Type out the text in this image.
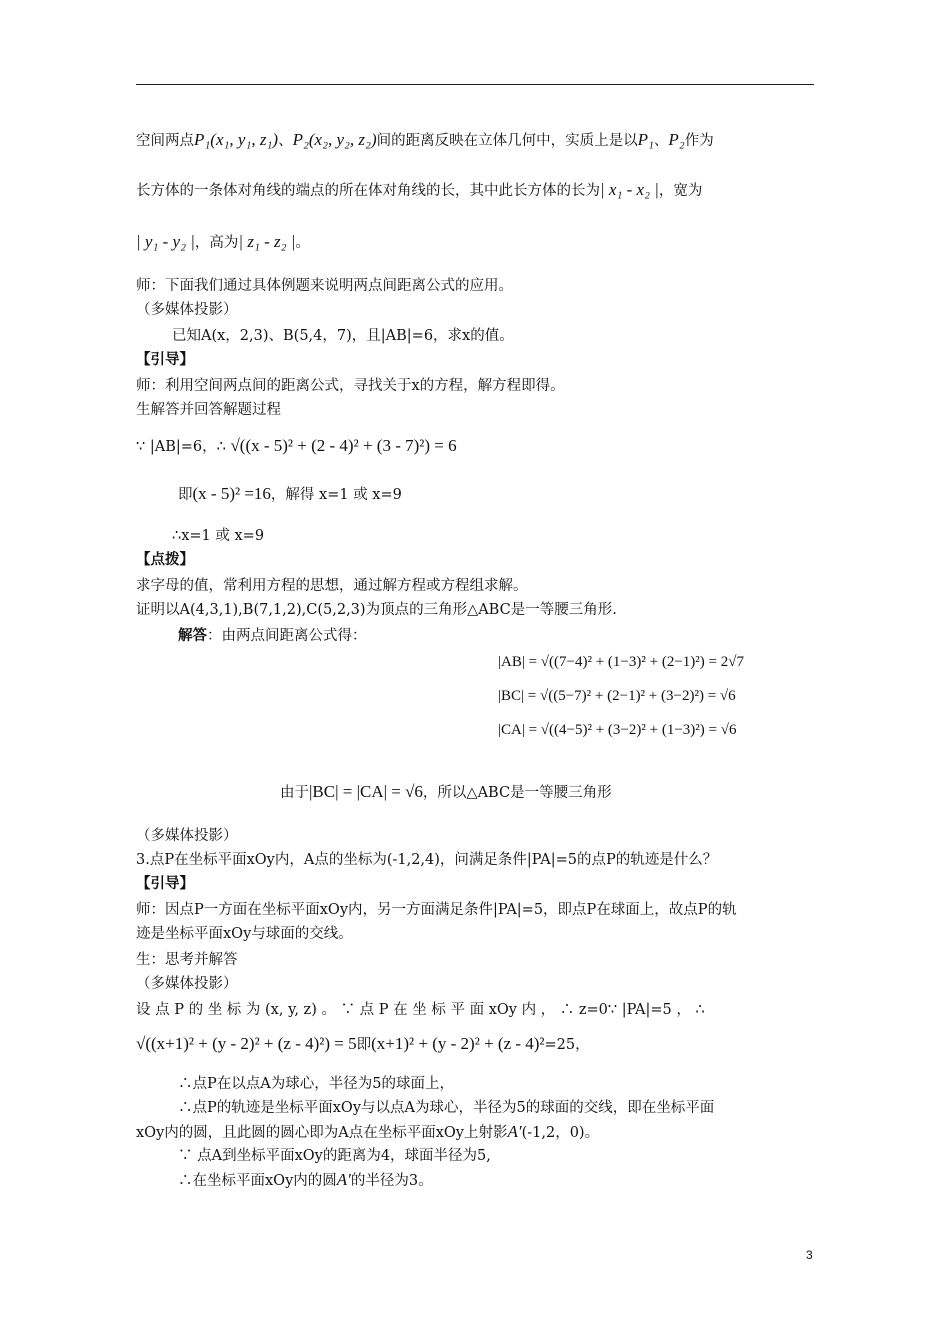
空间两点P₁(x₁, y₁, z₁)、P₂(x₂, y₂, z₂)间的距离反映在立体几何中，实质上是以P₁、P₂作为
长方体的一条体对角线的端点的所在体对角线的长，其中此长方体的长为| x₁ - x₂ |，宽为
| y₁ - y₂ |，高为| z₁ - z₂ |。
师：下面我们通过具体例题来说明两点间距离公式的应用。
（多媒体投影）
已知A(x，2,3)、B(5,4，7)，且|AB|=6，求x的值。
【引导】
师：利用空间两点间的距离公式，寻找关于x的方程，解方程即得。
生解答并回答解题过程
∵ |AB|=6，∴ √((x - 5)² + (2 - 4)² + (3 - 7)²) = 6
即(x - 5)² =16，解得 x=1 或 x=9
∴x=1 或 x=9
【点拨】
求字母的值，常利用方程的思想，通过解方程或方程组求解。
证明以A(4,3,1),B(7,1,2),C(5,2,3)为顶点的三角形△ABC是一等腰三角形.
解答：由两点间距离公式得：
|AB| = √((7−4)² + (1−3)² + (2−1)²) = 2√7
|BC| = √((5−7)² + (2−1)² + (3−2)²) = √6
|CA| = √((4−5)² + (3−2)² + (1−3)²) = √6
由于|BC| = |CA| = √6，所以△ABC是一等腰三角形
（多媒体投影）
3.点P在坐标平面xOy内，A点的坐标为(-1,2,4)，问满足条件|PA|=5的点P的轨迹是什么？
【引导】
师：因点P一方面在坐标平面xOy内，另一方面满足条件|PA|=5，即点P在球面上，故点P的轨
迹是坐标平面xOy与球面的交线。
生：思考并解答
（多媒体投影）
设 点 P 的 坐 标 为 (x, y, z) 。 ∵ 点 P 在 坐 标 平 面 xOy 内 ， ∴ z=0∵ |PA|=5 ， ∴
√((x+1)² + (y - 2)² + (z - 4)²) = 5即(x+1)² + (y - 2)² + (z - 4)²=25，
∴点P在以点A为球心，半径为5的球面上，
∴点P的轨迹是坐标平面xOy与以点A为球心，半径为5的球面的交线，即在坐标平面
xOy内的圆，且此圆的圆心即为A点在坐标平面xOy上射影A′(-1,2，0)。
∵ 点A到坐标平面xOy的距离为4，球面半径为5,
∴在坐标平面xOy内的圆A′的半径为3。
3
